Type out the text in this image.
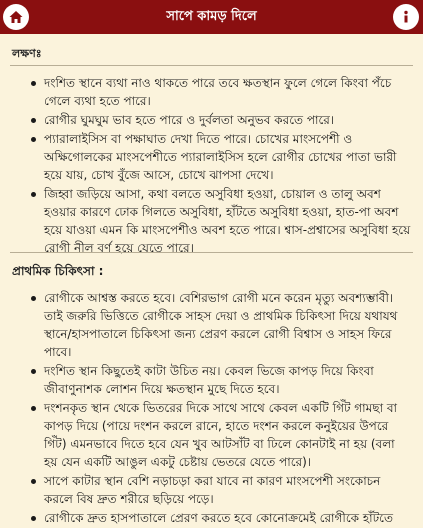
সাপে কামড় দিলে
লক্ষণঃ
দংশিত স্থানে ব্যথা নাও থাকতে পারে তবে ক্ষতস্থান ফুলে গেলে কিংবা পঁচে গেলে ব্যথা হতে পারে।
রোগীর ঘুমঘুম ভাব হতে পারে ও দুর্বলতা অনুভব করতে পারে।
প্যারালাইসিস বা পক্ষাঘাত দেখা দিতে পারে। চোখের মাংসপেশী ও অক্ষিগোলকের মাংসপেশীতে প্যারালাইসিস হলে রোগীর চোখের পাতা ভারী হয়ে যায়, চোখ বুঁজে আসে, চোখে ঝাপসা দেখে।
জিহ্বা জড়িয়ে আসা, কথা বলতে অসুবিধা হওয়া, চোয়াল ও তালু অবশ হওয়ার কারণে ঢোক গিলতে অসুবিধা, হাঁটতে অসুবিধা হওয়া, হাত-পা অবশ হয়ে যাওয়া এমন কি মাংসপেশীও অবশ হতে পারে। শ্বাস-প্রশ্বাসের অসুবিধা হয়ে রোগী নীল বর্ণ হয়ে যেতে পারে।
প্রাথমিক চিকিৎসা :
রোগীকে আশ্বস্ত করতে হবে। বেশিরভাগ রোগী মনে করেন মৃত্যু অবশ্যম্ভাবী। তাই জরুরি ভিত্তিতে রোগীকে সাহস দেয়া ও প্রাথমিক চিকিৎসা দিয়ে যথাযথ স্থানে/হাসপাতালে চিকিৎসা জন্য প্রেরণ করলে রোগী বিশ্বাস ও সাহস ফিরে পাবে।
দংশিত স্থান কিছুতেই কাটা উচিত নয়। কেবল ভিজে কাপড় দিয়ে কিংবা জীবাণুনাশক লোশন দিয়ে ক্ষতস্থান মুছে দিতে হবে।
দংশনকৃত স্থান থেকে ভিতরের দিকে সাথে সাথে কেবল একটি গিঁট গামছা বা কাপড় দিয়ে (পায়ে দংশন করলে রানে, হাতে দংশন করলে কনুইয়ের উপরে গিঁট) এমনভাবে দিতে হবে যেন খুব আটসাঁট বা ঢিলে কোনটাই না হয় (বলা হয় যেন একটি আঙুল একটু চেষ্টায় ভেতরে যেতে পারে)।
সাপে কাটার স্থান বেশি নড়াচড়া করা যাবে না কারণ মাংসপেশী সংকোচন করলে বিষ দ্রুত শরীরে ছড়িয়ে পড়ে।
রোগীকে দ্রুত হাসপাতালে প্রেরণ করতে হবে কোনোক্রমেই রোগীকে হাঁটতে
